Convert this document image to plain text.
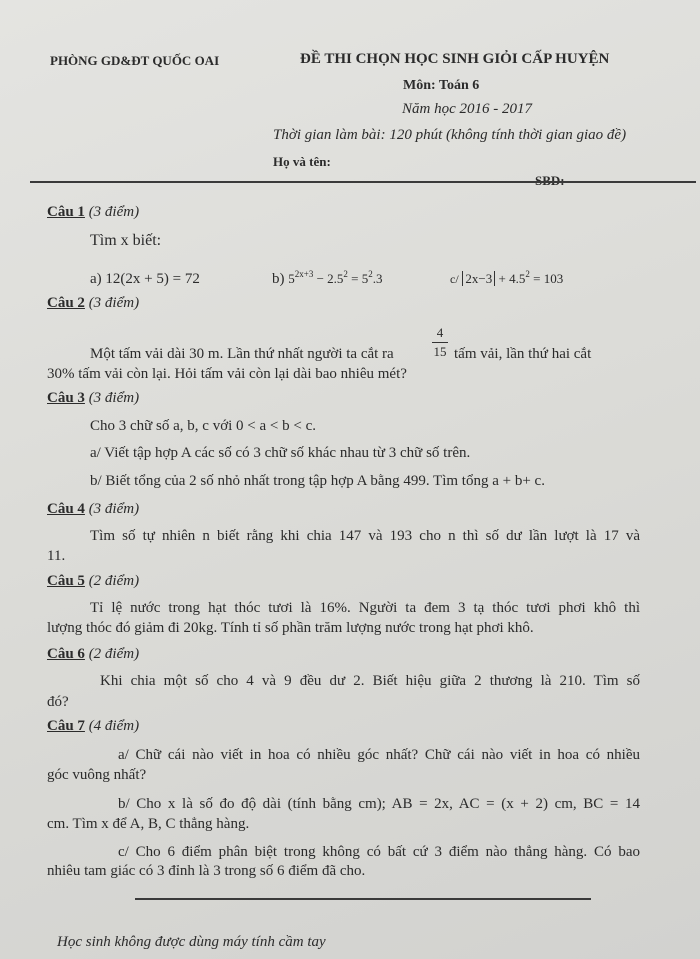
PHÒNG GD&ĐT QUỐC OAI	ĐỀ THI CHỌN HỌC SINH GIỎI CẤP HUYỆN
Môn: Toán 6
Năm học 2016 - 2017
Thời gian làm bài: 120 phút (không tính thời gian giao đề)
Họ và tên:
Câu 1 (3 điểm)
Tìm x biết:
a) 12(2x + 5) = 72	b) $5^{2x+3} - 2.5^2 = 5^2.3$	c/ $2x-3 + 4.5^2 = 103$
Câu 2 (3 điểm)
Một tấm vải dài 30 m. Lần thứ nhất người ta cắt ra
4
15 tấm vải, lần thứ hai cắt
30% tấm vải còn lại. Hỏi tấm vải còn lại dài bao nhiêu mét?
Câu 3 (3 điểm)
Cho 3 chữ số a, b, c với 0 < a < b < c.
a/ Viết tập hợp A các số có 3 chữ số khác nhau từ 3 chữ số trên.
b/ Biết tổng của 2 số nhỏ nhất trong tập hợp A bằng 499. Tìm tổng a + b+ c.
Câu 4 (3 điểm)
Tìm số tự nhiên n biết rằng khi chia 147 và 193 cho n thì số dư lần lượt là 17 và
11.
Câu 5 (2 điểm)
Tỉ lệ nước trong hạt thóc tươi là 16%. Người ta đem 3 tạ thóc tươi phơi khô thì
lượng thóc đó giảm đi 20kg. Tính tỉ số phần trăm lượng nước trong hạt phơi khô.
Câu 6 (2 điểm)
Khi chia một số cho 4 và 9 đều dư 2. Biết hiệu giữa 2 thương là 210. Tìm số
đó?
Câu 7 (4 điểm)
a/ Chữ cái nào viết in hoa có nhiều góc nhất? Chữ cái nào viết in hoa có nhiều
góc vuông nhất?
b/ Cho x là số đo độ dài (tính bằng cm); AB = 2x, AC = (x + 2) cm, BC = 14
cm. Tìm x để A, B, C thẳng hàng.
c/ Cho 6 điểm phân biệt trong không có bất cứ 3 điểm nào thẳng hàng. Có bao
nhiêu tam giác có 3 đỉnh là 3 trong số 6 điểm đã cho.
Học sinh không được dùng máy tính cầm tay
